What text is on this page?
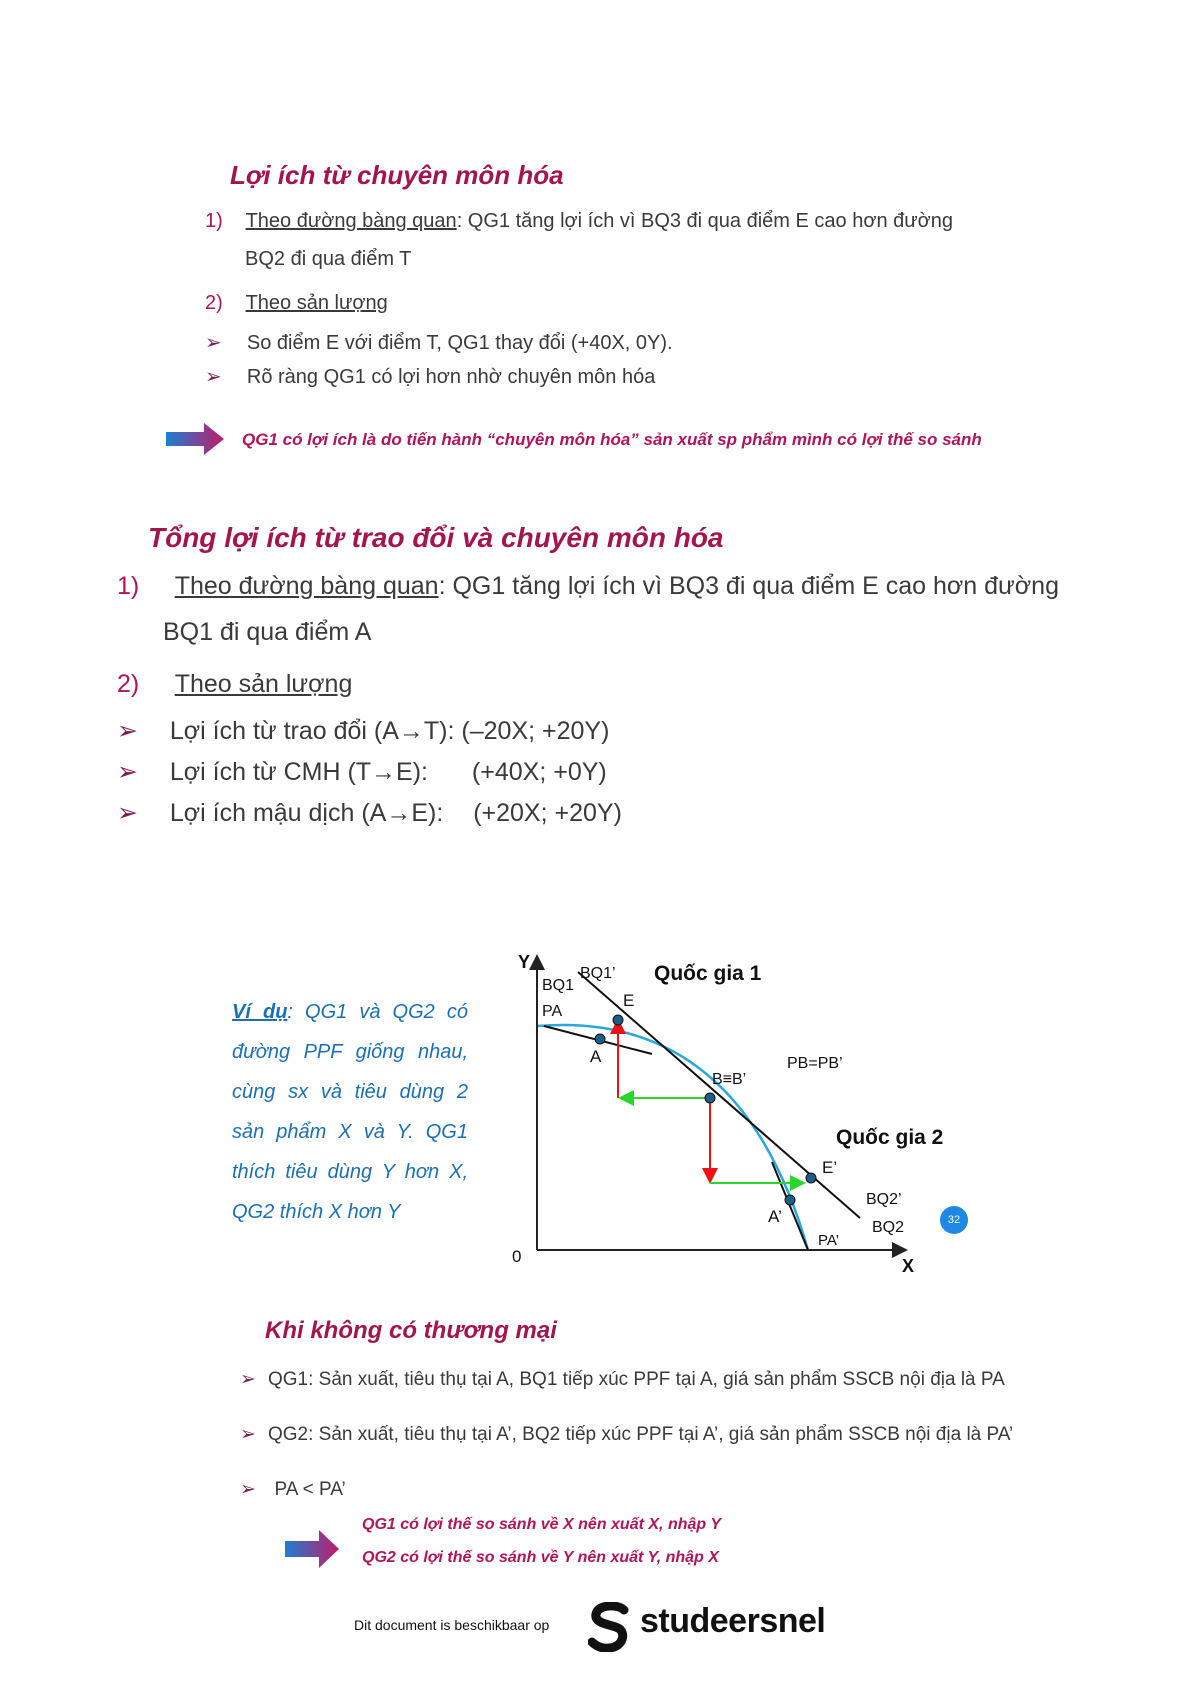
Lợi ích từ chuyên môn hóa
1) Theo đường bàng quan: QG1 tăng lợi ích vì BQ3 đi qua điểm E cao hơn đường
BQ2 đi qua điểm T
2) Theo sản lượng
➢ So điểm E với điểm T, QG1 thay đổi (+40X, 0Y).
➢ Rõ ràng QG1 có lợi hơn nhờ chuyên môn hóa
QG1 có lợi ích là do tiến hành “chuyên môn hóa” sản xuất sp phẩm mình có lợi thế so sánh
Tổng lợi ích từ trao đổi và chuyên môn hóa
1) Theo đường bàng quan: QG1 tăng lợi ích vì BQ3 đi qua điểm E cao hơn đường
BQ1 đi qua điểm A
2) Theo sản lượng
➢ Lợi ích từ trao đổi (A→T): (–20X; +20Y)
➢ Lợi ích từ CMH (T→E): (+40X; +0Y)
➢ Lợi ích mậu dịch (A→E): (+20X; +20Y)
Ví dụ: QG1 và QG2 có đường PPF giống nhau, cùng sx và tiêu dùng 2 sản phẩm X và Y. QG1 thích tiêu dùng Y hơn X, QG2 thích X hơn Y
Y
X
0
Quốc gia 1
Quốc gia 2
BQ1
BQ1’
PA
E
A
B≡B’
PB=PB’
E’
A’
BQ2’
BQ2
PA’
32
Khi không có thương mại
➢ QG1: Sản xuất, tiêu thụ tại A, BQ1 tiếp xúc PPF tại A, giá sản phẩm SSCB nội địa là PA
➢ QG2: Sản xuất, tiêu thụ tại A’, BQ2 tiếp xúc PPF tại A’, giá sản phẩm SSCB nội địa là PA’
➢ PA < PA’
QG1 có lợi thế so sánh về X nên xuất X, nhập Y
QG2 có lợi thế so sánh về Y nên xuất Y, nhập X
Dit document is beschikbaar op	studeersnel
